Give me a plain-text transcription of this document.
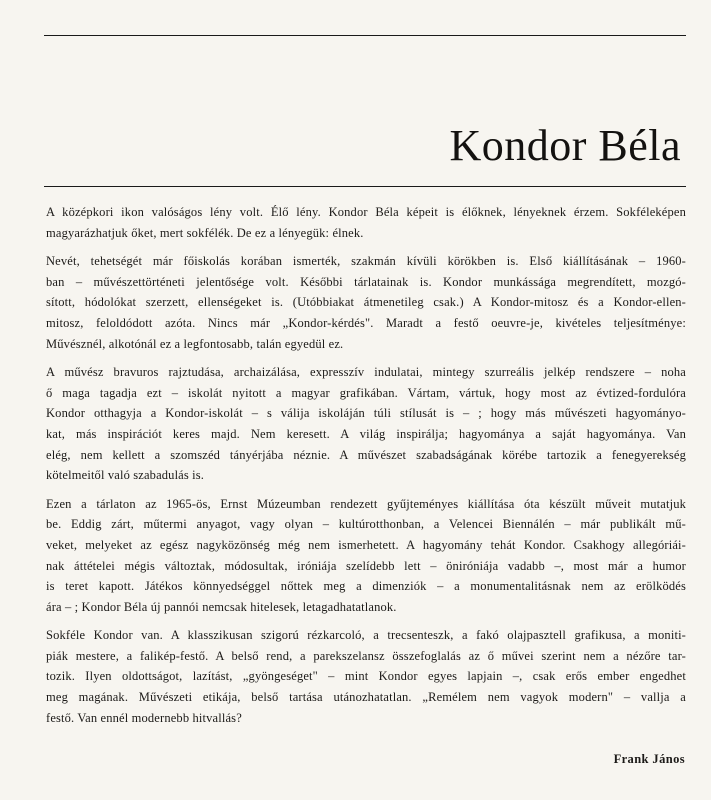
Kondor Béla

A középkori ikon valóságos lény volt. Élő lény. Kondor Béla képeit is élőknek, lényeknek érzem. Sokféleképen
magyarázhatjuk őket, mert sokfélék. De ez a lényegük: élnek.

Nevét, tehetségét már főiskolás korában ismerték, szakmán kívüli körökben is. Első kiállításának – 1960-
ban – művészettörténeti jelentősége volt. Későbbi tárlatainak is. Kondor munkássága megrendített, mozgó-
sított, hódolókat szerzett, ellenségeket is. (Utóbbiakat átmenetileg csak.) A Kondor-mitosz és a Kondor-ellen-
mitosz, feloldódott azóta. Nincs már „Kondor-kérdés". Maradt a festő oeuvre-je, kivételes teljesítménye:
Művésznél, alkotónál ez a legfontosabb, talán egyedül ez.

A művész bravuros rajztudása, archaizálása, expresszív indulatai, mintegy szurreális jelkép rendszere – noha
ő maga tagadja ezt – iskolát nyitott a magyar grafikában. Vártam, vártuk, hogy most az évtized-fordulóra
Kondor otthagyja a Kondor-iskolát – s válija iskoláján túli stílusát is – ; hogy más művészeti hagyományo-
kat, más inspirációt keres majd. Nem keresett. A világ inspirálja; hagyománya a saját hagyománya. Van
elég, nem kellett a szomszéd tányérjába néznie. A művészet szabadságának körébe tartozik a fenegyerekség
kötelmeitől való szabadulás is.

Ezen a tárlaton az 1965-ös, Ernst Múzeumban rendezett gyűjteményes kiállítása óta készült műveit mutatjuk
be. Eddig zárt, műtermi anyagot, vagy olyan – kultúrotthonban, a Velencei Biennálén – már publikált mű-
veket, melyeket az egész nagyközönség még nem ismerhetett. A hagyomány tehát Kondor. Csakhogy allegóriái-
nak áttételei mégis változtak, módosultak, iróniája szelídebb lett – öniróniája vadabb –, most már a humor
is teret kapott. Játékos könnyedséggel nőttek meg a dimenziók – a monumentalitásnak nem az erölködés
ára – ; Kondor Béla új pannói nemcsak hitelesek, letagadhatatlanok.

Sokféle Kondor van. A klasszikusan szigorú rézkarcoló, a trecsenteszk, a fakó olajpasztell grafikusa, a moniti-
piák mestere, a falikép-festő. A belső rend, a parekszelansz összefoglalás az ő művei szerint nem a nézőre tar-
tozik. Ilyen oldottságot, lazítást, „gyöngeséget" – mint Kondor egyes lapjain –, csak erős ember engedhet
meg magának. Művészeti etikája, belső tartása utánozhatatlan. „Remélem nem vagyok modern" – vallja a
festő. Van ennél modernebb hitvallás?

Frank János
